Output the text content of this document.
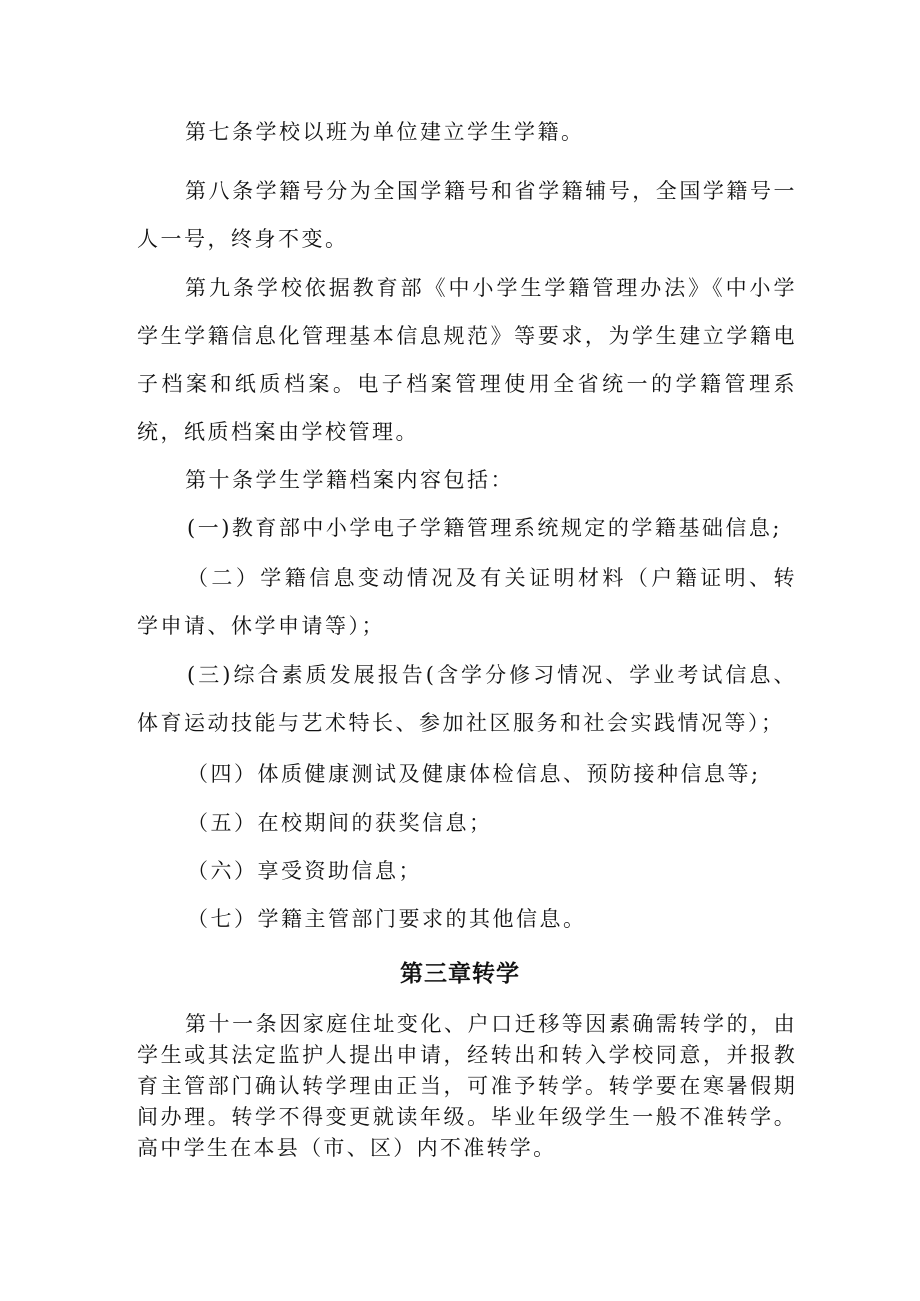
第七条学校以班为单位建立学生学籍。

第八条学籍号分为全国学籍号和省学籍辅号，全国学籍号一人一号，终身不变。

第九条学校依据教育部《中小学生学籍管理办法》《中小学学生学籍信息化管理基本信息规范》等要求，为学生建立学籍电子档案和纸质档案。电子档案管理使用全省统一的学籍管理系统，纸质档案由学校管理。

第十条学生学籍档案内容包括：

(一)教育部中小学电子学籍管理系统规定的学籍基础信息;

（二）学籍信息变动情况及有关证明材料（户籍证明、转学申请、休学申请等）；

(三)综合素质发展报告(含学分修习情况、学业考试信息、体育运动技能与艺术特长、参加社区服务和社会实践情况等）；

（四）体质健康测试及健康体检信息、预防接种信息等;

（五）在校期间的获奖信息；

（六）享受资助信息；

（七）学籍主管部门要求的其他信息。

第三章转学

第十一条因家庭住址变化、户口迁移等因素确需转学的，由学生或其法定监护人提出申请，经转出和转入学校同意，并报教育主管部门确认转学理由正当，可准予转学。转学要在寒暑假期间办理。转学不得变更就读年级。毕业年级学生一般不准转学。高中学生在本县（市、区）内不准转学。
